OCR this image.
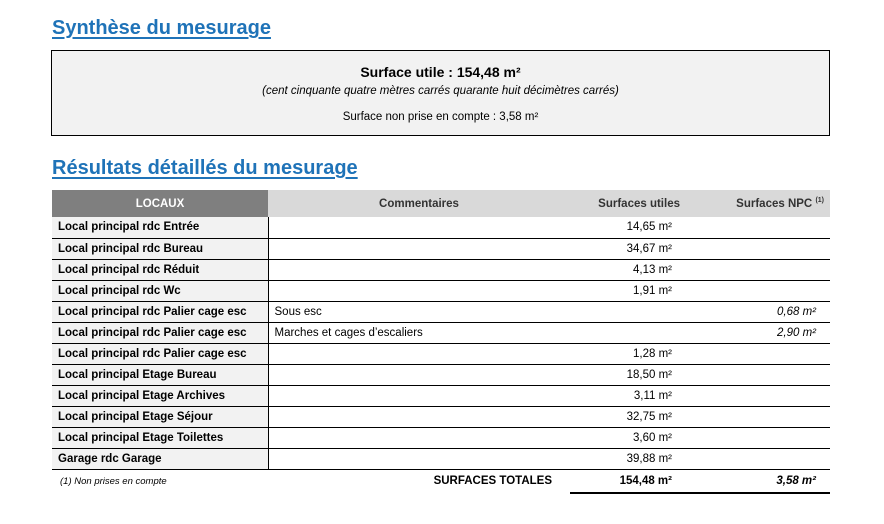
Synthèse du mesurage
Surface utile : 154,48 m²
(cent cinquante quatre mètres carrés quarante huit décimètres carrés)
Surface non prise en compte : 3,58 m²
Résultats détaillés du mesurage
LOCAUX	Commentaires	Surfaces utiles	Surfaces NPC $^{(1)}$
Local principal rdc Entrée		14,65 m²	
Local principal rdc Bureau		34,67 m²	
Local principal rdc Réduit		4,13 m²	
Local principal rdc Wc		1,91 m²	
Local principal rdc Palier cage esc	Sous esc		0,68 m²
Local principal rdc Palier cage esc	Marches et cages d’escaliers		2,90 m²
Local principal rdc Palier cage esc		1,28 m²	
Local principal Etage Bureau		18,50 m²	
Local principal Etage Archives		3,11 m²	
Local principal Etage Séjour		32,75 m²	
Local principal Etage Toilettes		3,60 m²	
Garage rdc Garage		39,88 m²	
(1) Non prises en compte	SURFACES TOTALES	154,48 m²	3,58 m²
